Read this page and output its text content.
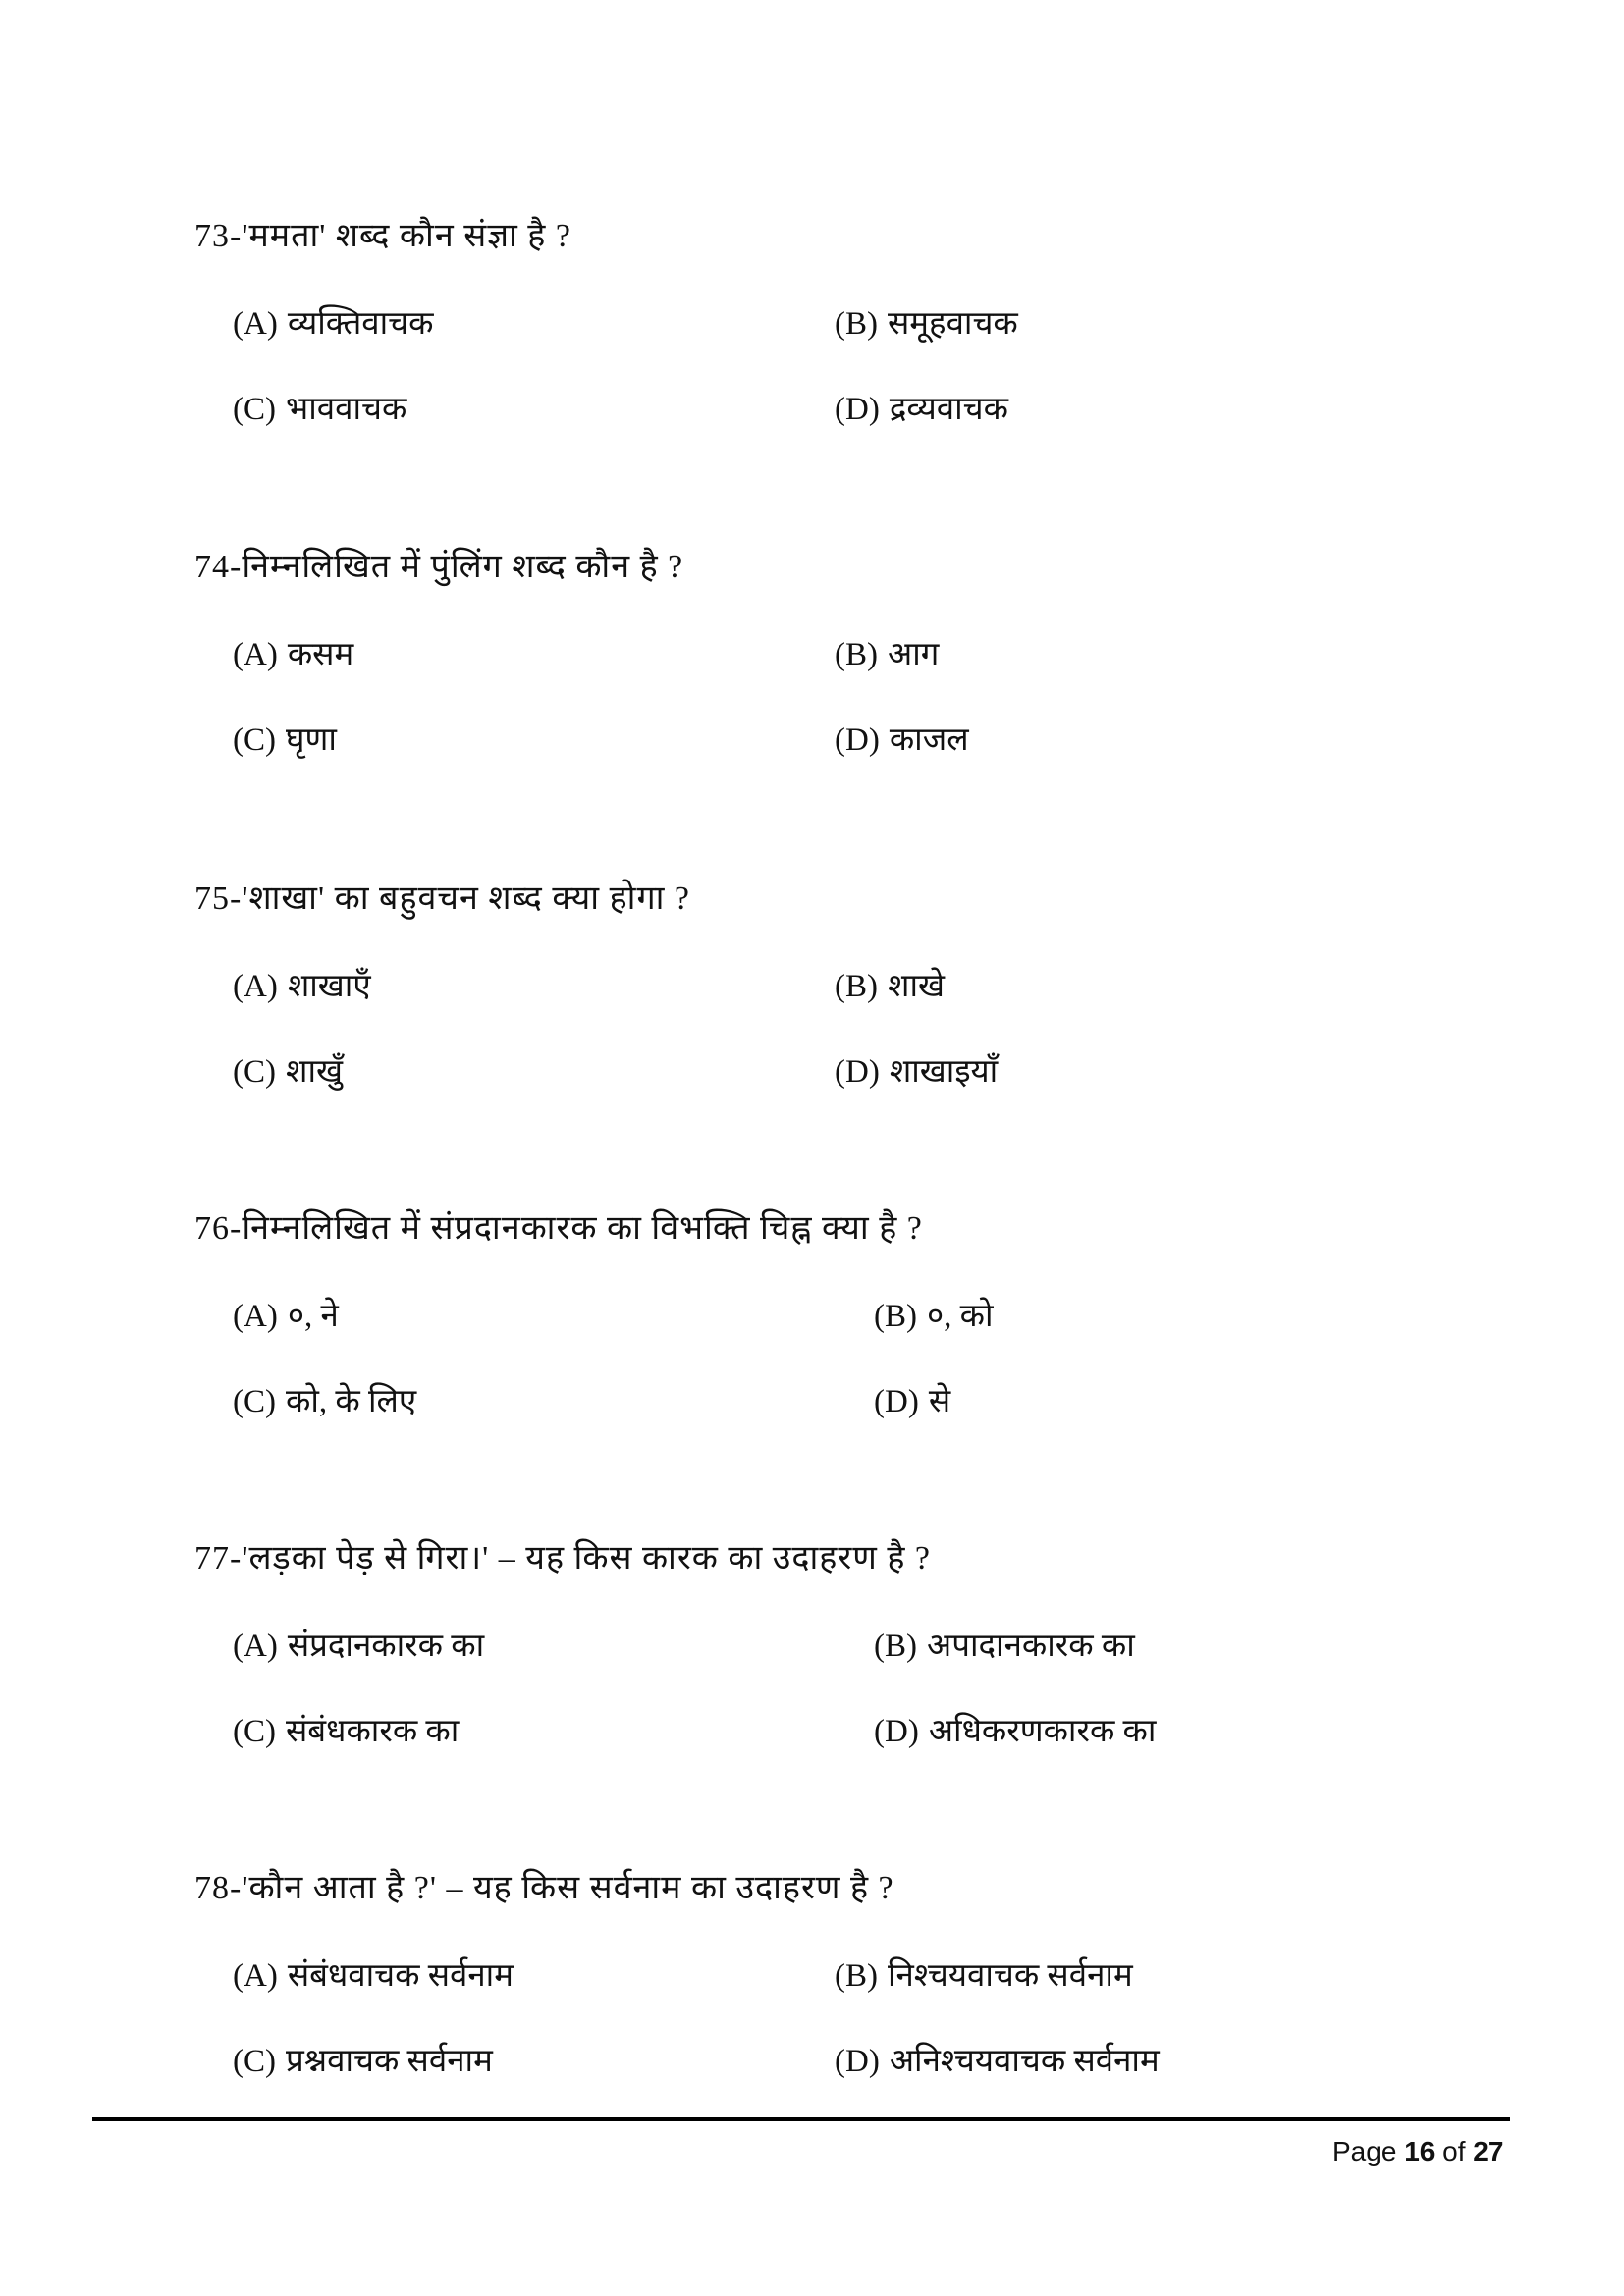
73-'ममता' शब्द कौन संज्ञा है ?
(A) व्यक्तिवाचक	(B) समूहवाचक
(C) भाववाचक	(D) द्रव्यवाचक
74-निम्नलिखित में पुंलिंग शब्द कौन है ?
(A) कसम	(B) आग
(C) घृणा	(D) काजल
75-'शाखा' का बहुवचन शब्द क्या होगा ?
(A) शाखाएँ	(B) शाखे
(C) शाखुँ	(D) शाखाइयाँ
76-निम्नलिखित में संप्रदानकारक का विभक्ति चिह्न क्या है ?
(A) ०, ने	(B) ०, को
(C) को, के लिए	(D) से
77-'लड़का पेड़ से गिरा।' – यह किस कारक का उदाहरण है ?
(A) संप्रदानकारक का	(B) अपादानकारक का
(C) संबंधकारक का	(D) अधिकरणकारक का
78-'कौन आता है ?' – यह किस सर्वनाम का उदाहरण है ?
(A) संबंधवाचक सर्वनाम	(B) निश्चयवाचक सर्वनाम
(C) प्रश्नवाचक सर्वनाम	(D) अनिश्चयवाचक सर्वनाम
Page 16 of 27
